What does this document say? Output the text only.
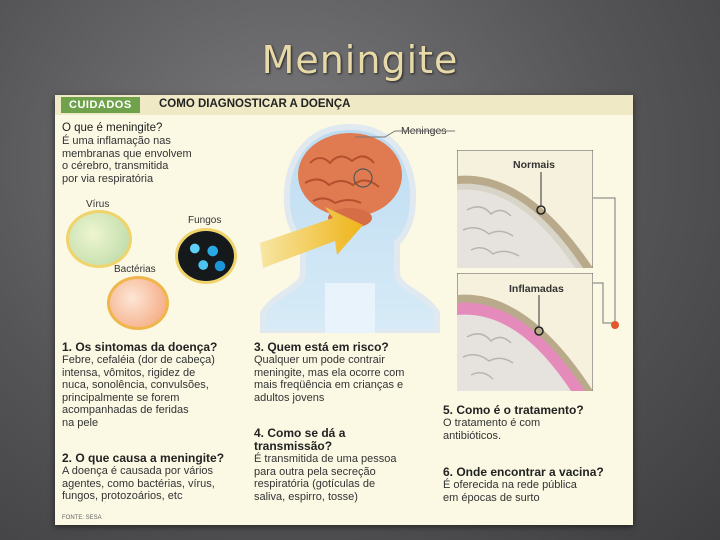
Meningite
CUIDADOS	COMO DIAGNOSTICAR A DOENÇA
O que é meningite?
É uma inflamação nas
membranas que envolvem
o cérebro, transmitida
por via respiratória
Vírus
Fungos
Bactérias
Meninges
Normais
Inflamadas
1. Os sintomas da doença?
Febre, cefaléia (dor de cabeça)
intensa, vômitos, rigidez de
nuca, sonolência, convulsões,
principalmente se forem
acompanhadas de feridas
na pele
2. O que causa a meningite?
A doença é causada por vários
agentes, como bactérias, vírus,
fungos, protozoários, etc
3. Quem está em risco?
Qualquer um pode contrair
meningite, mas ela ocorre com
mais freqüência em crianças e
adultos jovens
4. Como se dá a
transmissão?
É transmitida de uma pessoa
para outra pela secreção
respiratória (gotículas de
saliva, espirro, tosse)
5. Como é o tratamento?
O tratamento é com
antibióticos.
6. Onde encontrar a vacina?
É oferecida na rede pública
em épocas de surto
FONTE: SESA
